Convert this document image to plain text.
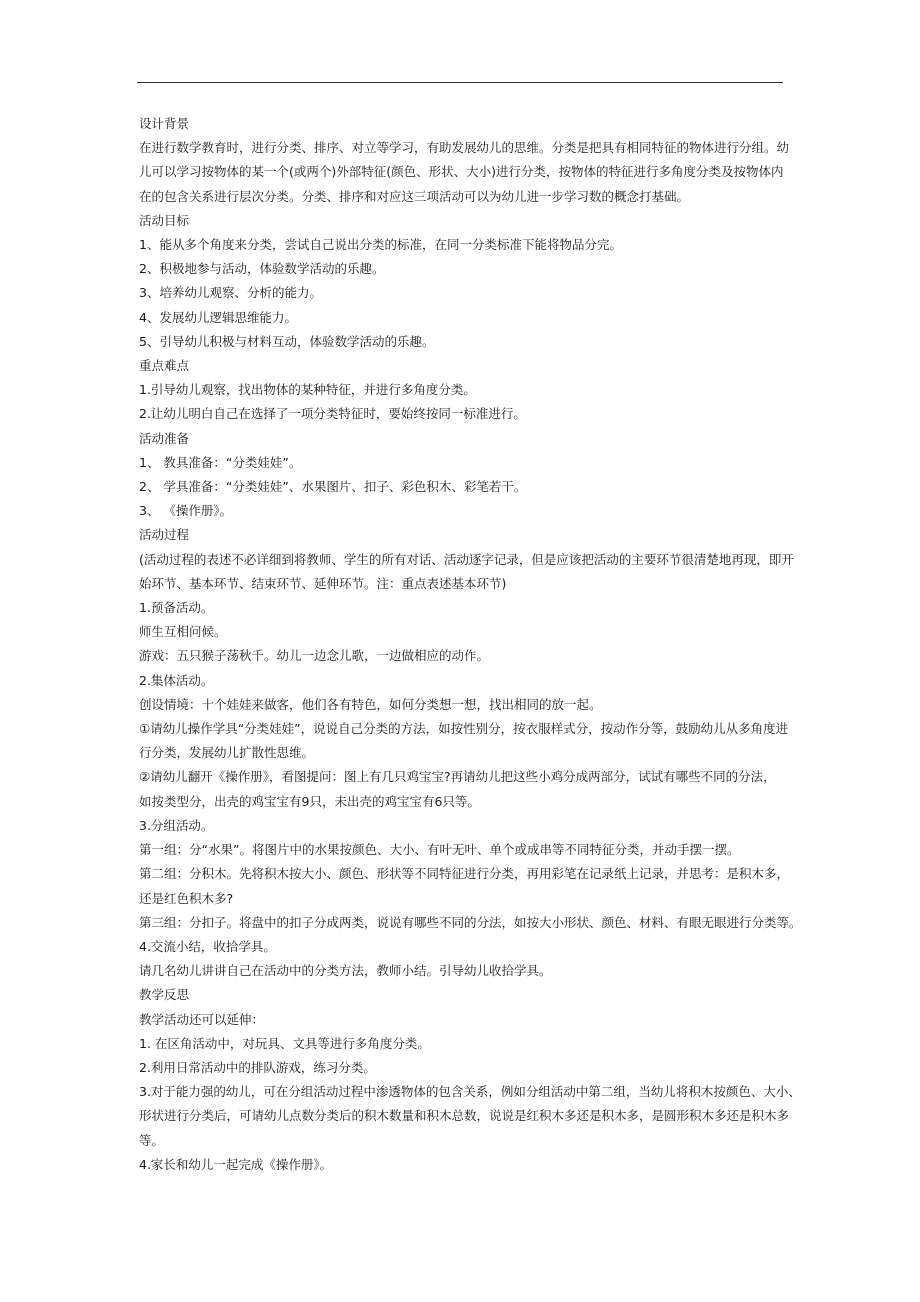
设计背景
在进行数学教育时，进行分类、排序、对立等学习，有助发展幼儿的思维。分类是把具有相同特征的物体进行分组。幼
儿可以学习按物体的某一个(或两个)外部特征(颜色、形状、大小)进行分类，按物体的特征进行多角度分类及按物体内
在的包含关系进行层次分类。分类、排序和对应这三项活动可以为幼儿进一步学习数的概念打基础。
活动目标
1、能从多个角度来分类，尝试自己说出分类的标准，在同一分类标准下能将物品分完。
2、积极地参与活动，体验数学活动的乐趣。
3、培养幼儿观察、分析的能力。
4、发展幼儿逻辑思维能力。
5、引导幼儿积极与材料互动，体验数学活动的乐趣。
重点难点
1.引导幼儿观察，找出物体的某种特征，并进行多角度分类。
2.让幼儿明白自己在选择了一项分类特征时，要始终按同一标准进行。
活动准备
1、 教具准备：“分类娃娃”。
2、 学具准备：“分类娃娃”、水果图片、扣子、彩色积木、彩笔若干。
3、 《操作册》。
活动过程
(活动过程的表述不必详细到将教师、学生的所有对话、活动逐字记录，但是应该把活动的主要环节很清楚地再现，即开
始环节、基本环节、结束环节、延伸环节。注：重点表述基本环节)
1.预备活动。
师生互相问候。
游戏：五只猴子荡秋千。幼儿一边念儿歌，一边做相应的动作。
2.集体活动。
创设情境：十个娃娃来做客，他们各有特色，如何分类想一想，找出相同的放一起。
①请幼儿操作学具“分类娃娃”，说说自己分类的方法，如按性别分，按衣服样式分，按动作分等，鼓励幼儿从多角度进
行分类，发展幼儿扩散性思维。
②请幼儿翻开《操作册》，看图提问：图上有几只鸡宝宝?再请幼儿把这些小鸡分成两部分，试试有哪些不同的分法，
如按类型分，出壳的鸡宝宝有9只，未出壳的鸡宝宝有6只等。
3.分组活动。
第一组：分“水果”。将图片中的水果按颜色、大小、有叶无叶、单个或成串等不同特征分类，并动手摆一摆。
第二组：分积木。先将积木按大小、颜色、形状等不同特征进行分类，再用彩笔在记录纸上记录，并思考：是积木多，
还是红色积木多?
第三组：分扣子。将盘中的扣子分成两类，说说有哪些不同的分法，如按大小形状、颜色、材料、有眼无眼进行分类等。
4.交流小结，收拾学具。
请几名幼儿讲讲自己在活动中的分类方法，教师小结。引导幼儿收拾学具。
教学反思
教学活动还可以延伸：
1. 在区角活动中，对玩具、文具等进行多角度分类。
2.利用日常活动中的排队游戏，练习分类。
3.对于能力强的幼儿，可在分组活动过程中渗透物体的包含关系，例如分组活动中第二组，当幼儿将积木按颜色、大小、
形状进行分类后，可请幼儿点数分类后的积木数量和积木总数，说说是红积木多还是积木多，是圆形积木多还是积木多
等。
4.家长和幼儿一起完成《操作册》。
